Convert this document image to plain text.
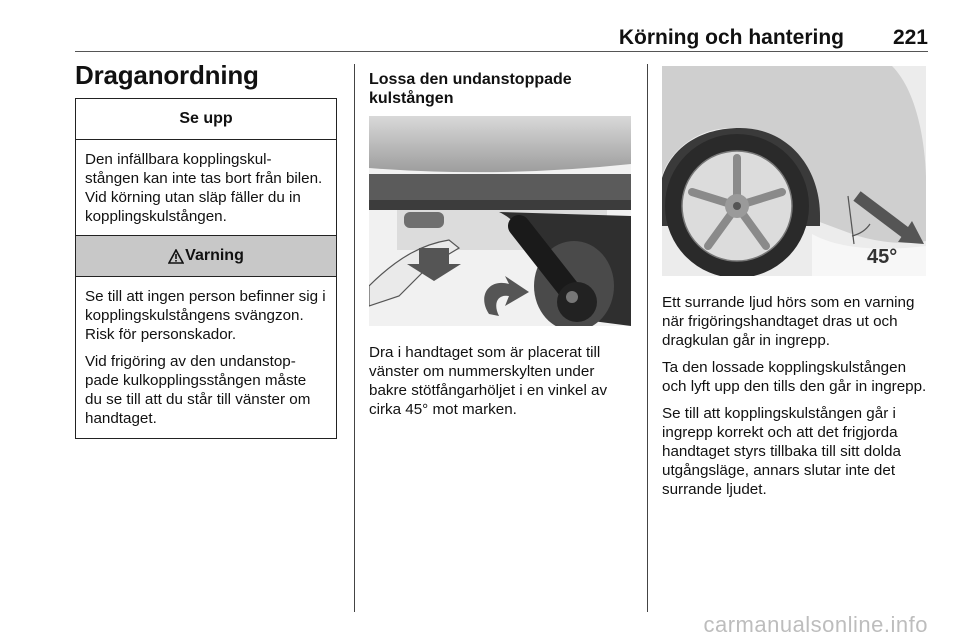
Körning och hantering	221
Draganordning
Se upp

Den infällbara kopplingskul-stången kan inte tas bort från bilen. Vid körning utan släp fäller du in kopplingskulstången.

Varning

Se till att ingen person befinner sig i kopplingskulstångens svängzon. Risk för personskador.

Vid frigöring av den undanstop-pade kulkopplingsstången måste du se till att du står till vänster om handtaget.

Lossa den undanstoppade kulstången

Dra i handtaget som är placerat till vänster om nummerskylten under bakre stötfångarhöljet i en vinkel av cirka 45° mot marken.

45°

Ett surrande ljud hörs som en varning när frigöringshandtaget dras ut och dragkulan går in ingrepp.

Ta den lossade kopplingskulstången och lyft upp den tills den går in ingrepp.

Se till att kopplingskulstången går i ingrepp korrekt och att det frigjorda handtaget styrs tillbaka till sitt dolda utgångsläge, annars slutar inte det surrande ljudet.

carmanualsonline.info
